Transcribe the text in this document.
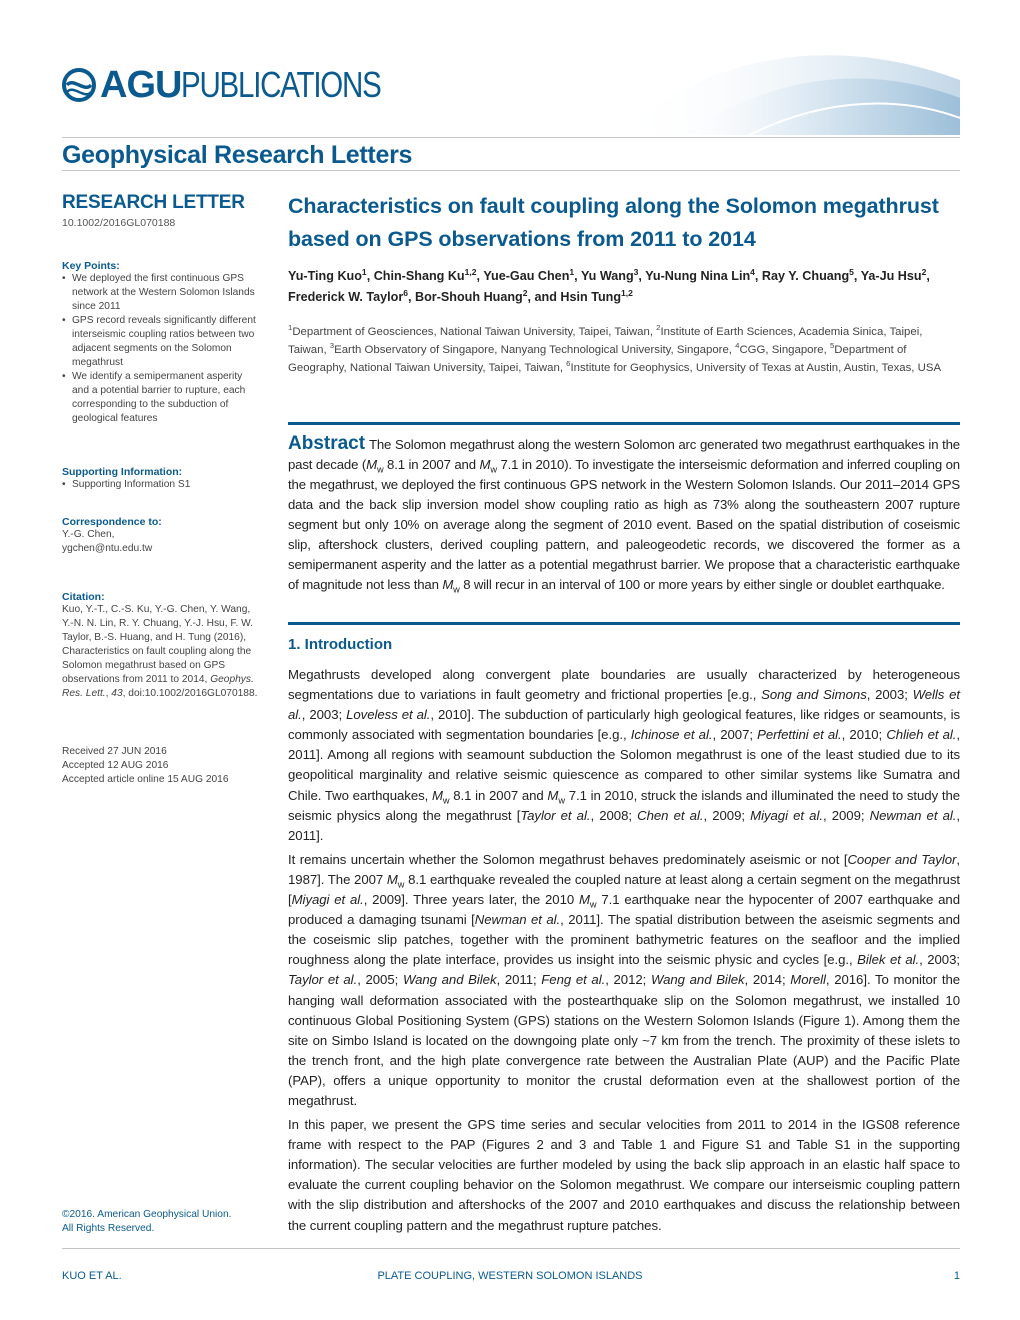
AGU PUBLICATIONS
Geophysical Research Letters
RESEARCH LETTER
10.1002/2016GL070188
Key Points:
• We deployed the first continuous GPS network at the Western Solomon Islands since 2011
• GPS record reveals significantly different interseismic coupling ratios between two adjacent segments on the Solomon megathrust
• We identify a semipermanent asperity and a potential barrier to rupture, each corresponding to the subduction of geological features
Supporting Information:
• Supporting Information S1
Correspondence to:
Y.-G. Chen,
ygchen@ntu.edu.tw
Citation:
Kuo, Y.-T., C.-S. Ku, Y.-G. Chen, Y. Wang, Y.-N. N. Lin, R. Y. Chuang, Y.-J. Hsu, F. W. Taylor, B.-S. Huang, and H. Tung (2016), Characteristics on fault coupling along the Solomon megathrust based on GPS observations from 2011 to 2014, Geophys. Res. Lett., 43, doi:10.1002/2016GL070188.
Received 27 JUN 2016
Accepted 12 AUG 2016
Accepted article online 15 AUG 2016
©2016. American Geophysical Union.
All Rights Reserved.
Characteristics on fault coupling along the Solomon megathrust based on GPS observations from 2011 to 2014
Yu-Ting Kuo$^1$, Chin-Shang Ku$^{1,2}$, Yue-Gau Chen$^1$, Yu Wang$^3$, Yu-Nung Nina Lin$^4$, Ray Y. Chuang$^5$, Ya-Ju Hsu$^2$, Frederick W. Taylor$^6$, Bor-Shouh Huang$^2$, and Hsin Tung$^{1,2}$
$^1$Department of Geosciences, National Taiwan University, Taipei, Taiwan, $^2$Institute of Earth Sciences, Academia Sinica, Taipei, Taiwan, $^3$Earth Observatory of Singapore, Nanyang Technological University, Singapore, $^4$CGG, Singapore, $^5$Department of Geography, National Taiwan University, Taipei, Taiwan, $^6$Institute for Geophysics, University of Texas at Austin, Austin, Texas, USA
Abstract The Solomon megathrust along the western Solomon arc generated two megathrust earthquakes in the past decade ($M_w$ 8.1 in 2007 and $M_w$ 7.1 in 2010). To investigate the interseismic deformation and inferred coupling on the megathrust, we deployed the first continuous GPS network in the Western Solomon Islands. Our 2011–2014 GPS data and the back slip inversion model show coupling ratio as high as 73% along the southeastern 2007 rupture segment but only 10% on average along the segment of 2010 event. Based on the spatial distribution of coseismic slip, aftershock clusters, derived coupling pattern, and paleogeodetic records, we discovered the former as a semipermanent asperity and the latter as a potential megathrust barrier. We propose that a characteristic earthquake of magnitude not less than $M_w$ 8 will recur in an interval of 100 or more years by either single or doublet earthquake.
1. Introduction

Megathrusts developed along convergent plate boundaries are usually characterized by heterogeneous segmentations due to variations in fault geometry and frictional properties [e.g., Song and Simons, 2003; Wells et al., 2003; Loveless et al., 2010]. The subduction of particularly high geological features, like ridges or seamounts, is commonly associated with segmentation boundaries [e.g., Ichinose et al., 2007; Perfettini et al., 2010; Chlieh et al., 2011]. Among all regions with seamount subduction the Solomon megathrust is one of the least studied due to its geopolitical marginality and relative seismic quiescence as compared to other similar systems like Sumatra and Chile. Two earthquakes, $M_w$ 8.1 in 2007 and $M_w$ 7.1 in 2010, struck the islands and illuminated the need to study the seismic physics along the megathrust [Taylor et al., 2008; Chen et al., 2009; Miyagi et al., 2009; Newman et al., 2011].

It remains uncertain whether the Solomon megathrust behaves predominately aseismic or not [Cooper and Taylor, 1987]. The 2007 $M_w$ 8.1 earthquake revealed the coupled nature at least along a certain segment on the megathrust [Miyagi et al., 2009]. Three years later, the 2010 $M_w$ 7.1 earthquake near the hypocenter of 2007 earthquake and produced a damaging tsunami [Newman et al., 2011]. The spatial distribution between the aseismic segments and the coseismic slip patches, together with the prominent bathymetric features on the seafloor and the implied roughness along the plate interface, provides us insight into the seismic physic and cycles [e.g., Bilek et al., 2003; Taylor et al., 2005; Wang and Bilek, 2011; Feng et al., 2012; Wang and Bilek, 2014; Morell, 2016]. To monitor the hanging wall deformation associated with the postearthquake slip on the Solomon megathrust, we installed 10 continuous Global Positioning System (GPS) stations on the Western Solomon Islands (Figure 1). Among them the site on Simbo Island is located on the downgoing plate only ~7 km from the trench. The proximity of these islets to the trench front, and the high plate convergence rate between the Australian Plate (AUP) and the Pacific Plate (PAP), offers a unique opportunity to monitor the crustal deformation even at the shallowest portion of the megathrust.

In this paper, we present the GPS time series and secular velocities from 2011 to 2014 in the IGS08 reference frame with respect to the PAP (Figures 2 and 3 and Table 1 and Figure S1 and Table S1 in the supporting information). The secular velocities are further modeled by using the back slip approach in an elastic half space to evaluate the current coupling behavior on the Solomon megathrust. We compare our interseismic coupling pattern with the slip distribution and aftershocks of the 2007 and 2010 earthquakes and discuss the relationship between the current coupling pattern and the megathrust rupture patches.

KUO ET AL.	PLATE COUPLING, WESTERN SOLOMON ISLANDS	1
